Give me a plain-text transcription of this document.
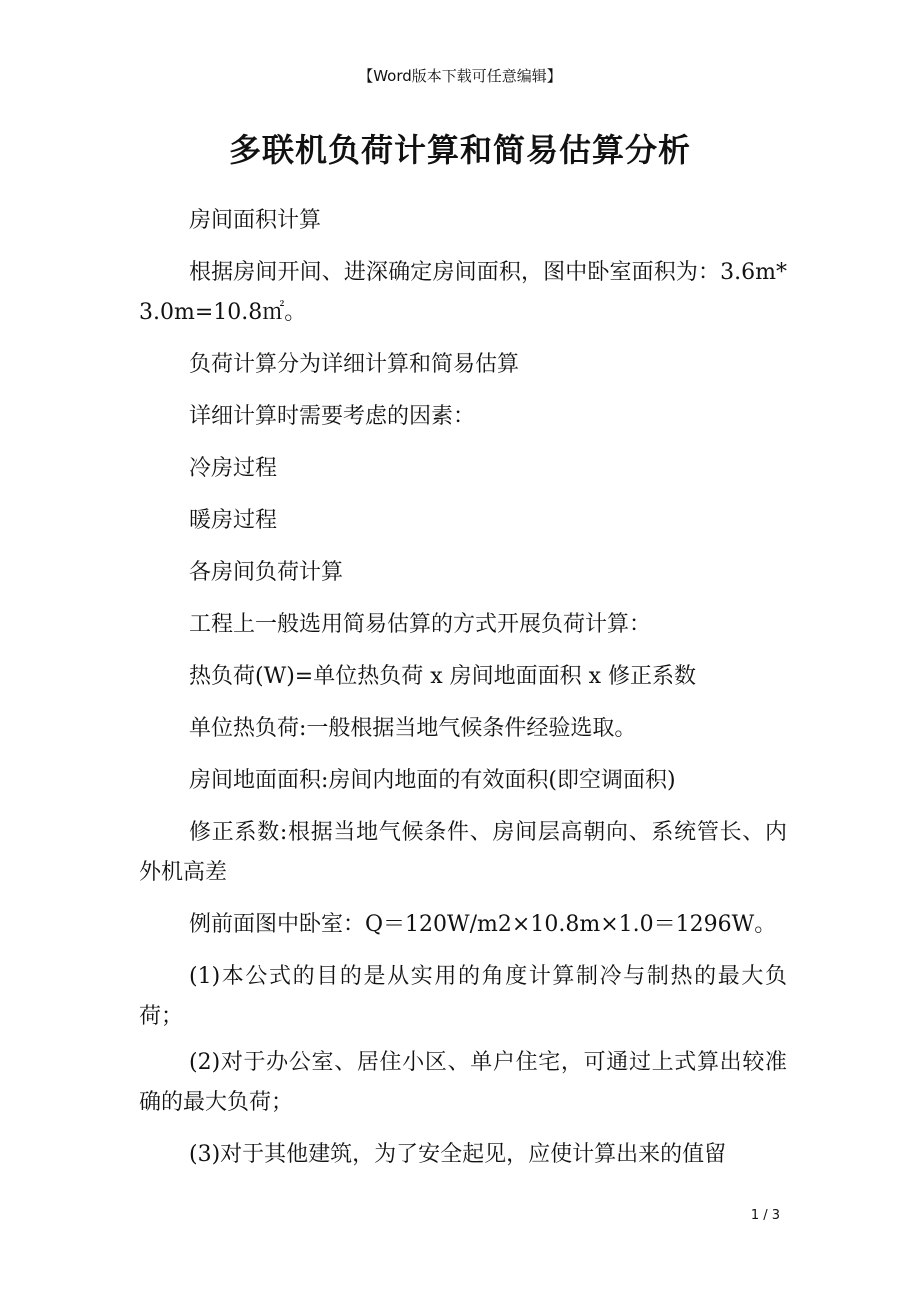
【Word版本下载可任意编辑】
多联机负荷计算和简易估算分析

房间面积计算

根据房间开间、进深确定房间面积，图中卧室面积为：3.6m*3.0m=10.8㎡。

负荷计算分为详细计算和简易估算

详细计算时需要考虑的因素：

冷房过程

暖房过程

各房间负荷计算

工程上一般选用简易估算的方式开展负荷计算：

热负荷(W)=单位热负荷 x 房间地面面积 x 修正系数

单位热负荷:一般根据当地气候条件经验选取。

房间地面面积:房间内地面的有效面积(即空调面积)

修正系数:根据当地气候条件、房间层高朝向、系统管长、内外机高差

例前面图中卧室：Q＝120W/m2×10.8m×1.0＝1296W。

(1)本公式的目的是从实用的角度计算制冷与制热的最大负荷；

(2)对于办公室、居住小区、单户住宅，可通过上式算出较准确的最大负荷；

(3)对于其他建筑，为了安全起见，应使计算出来的值留

1 / 3
